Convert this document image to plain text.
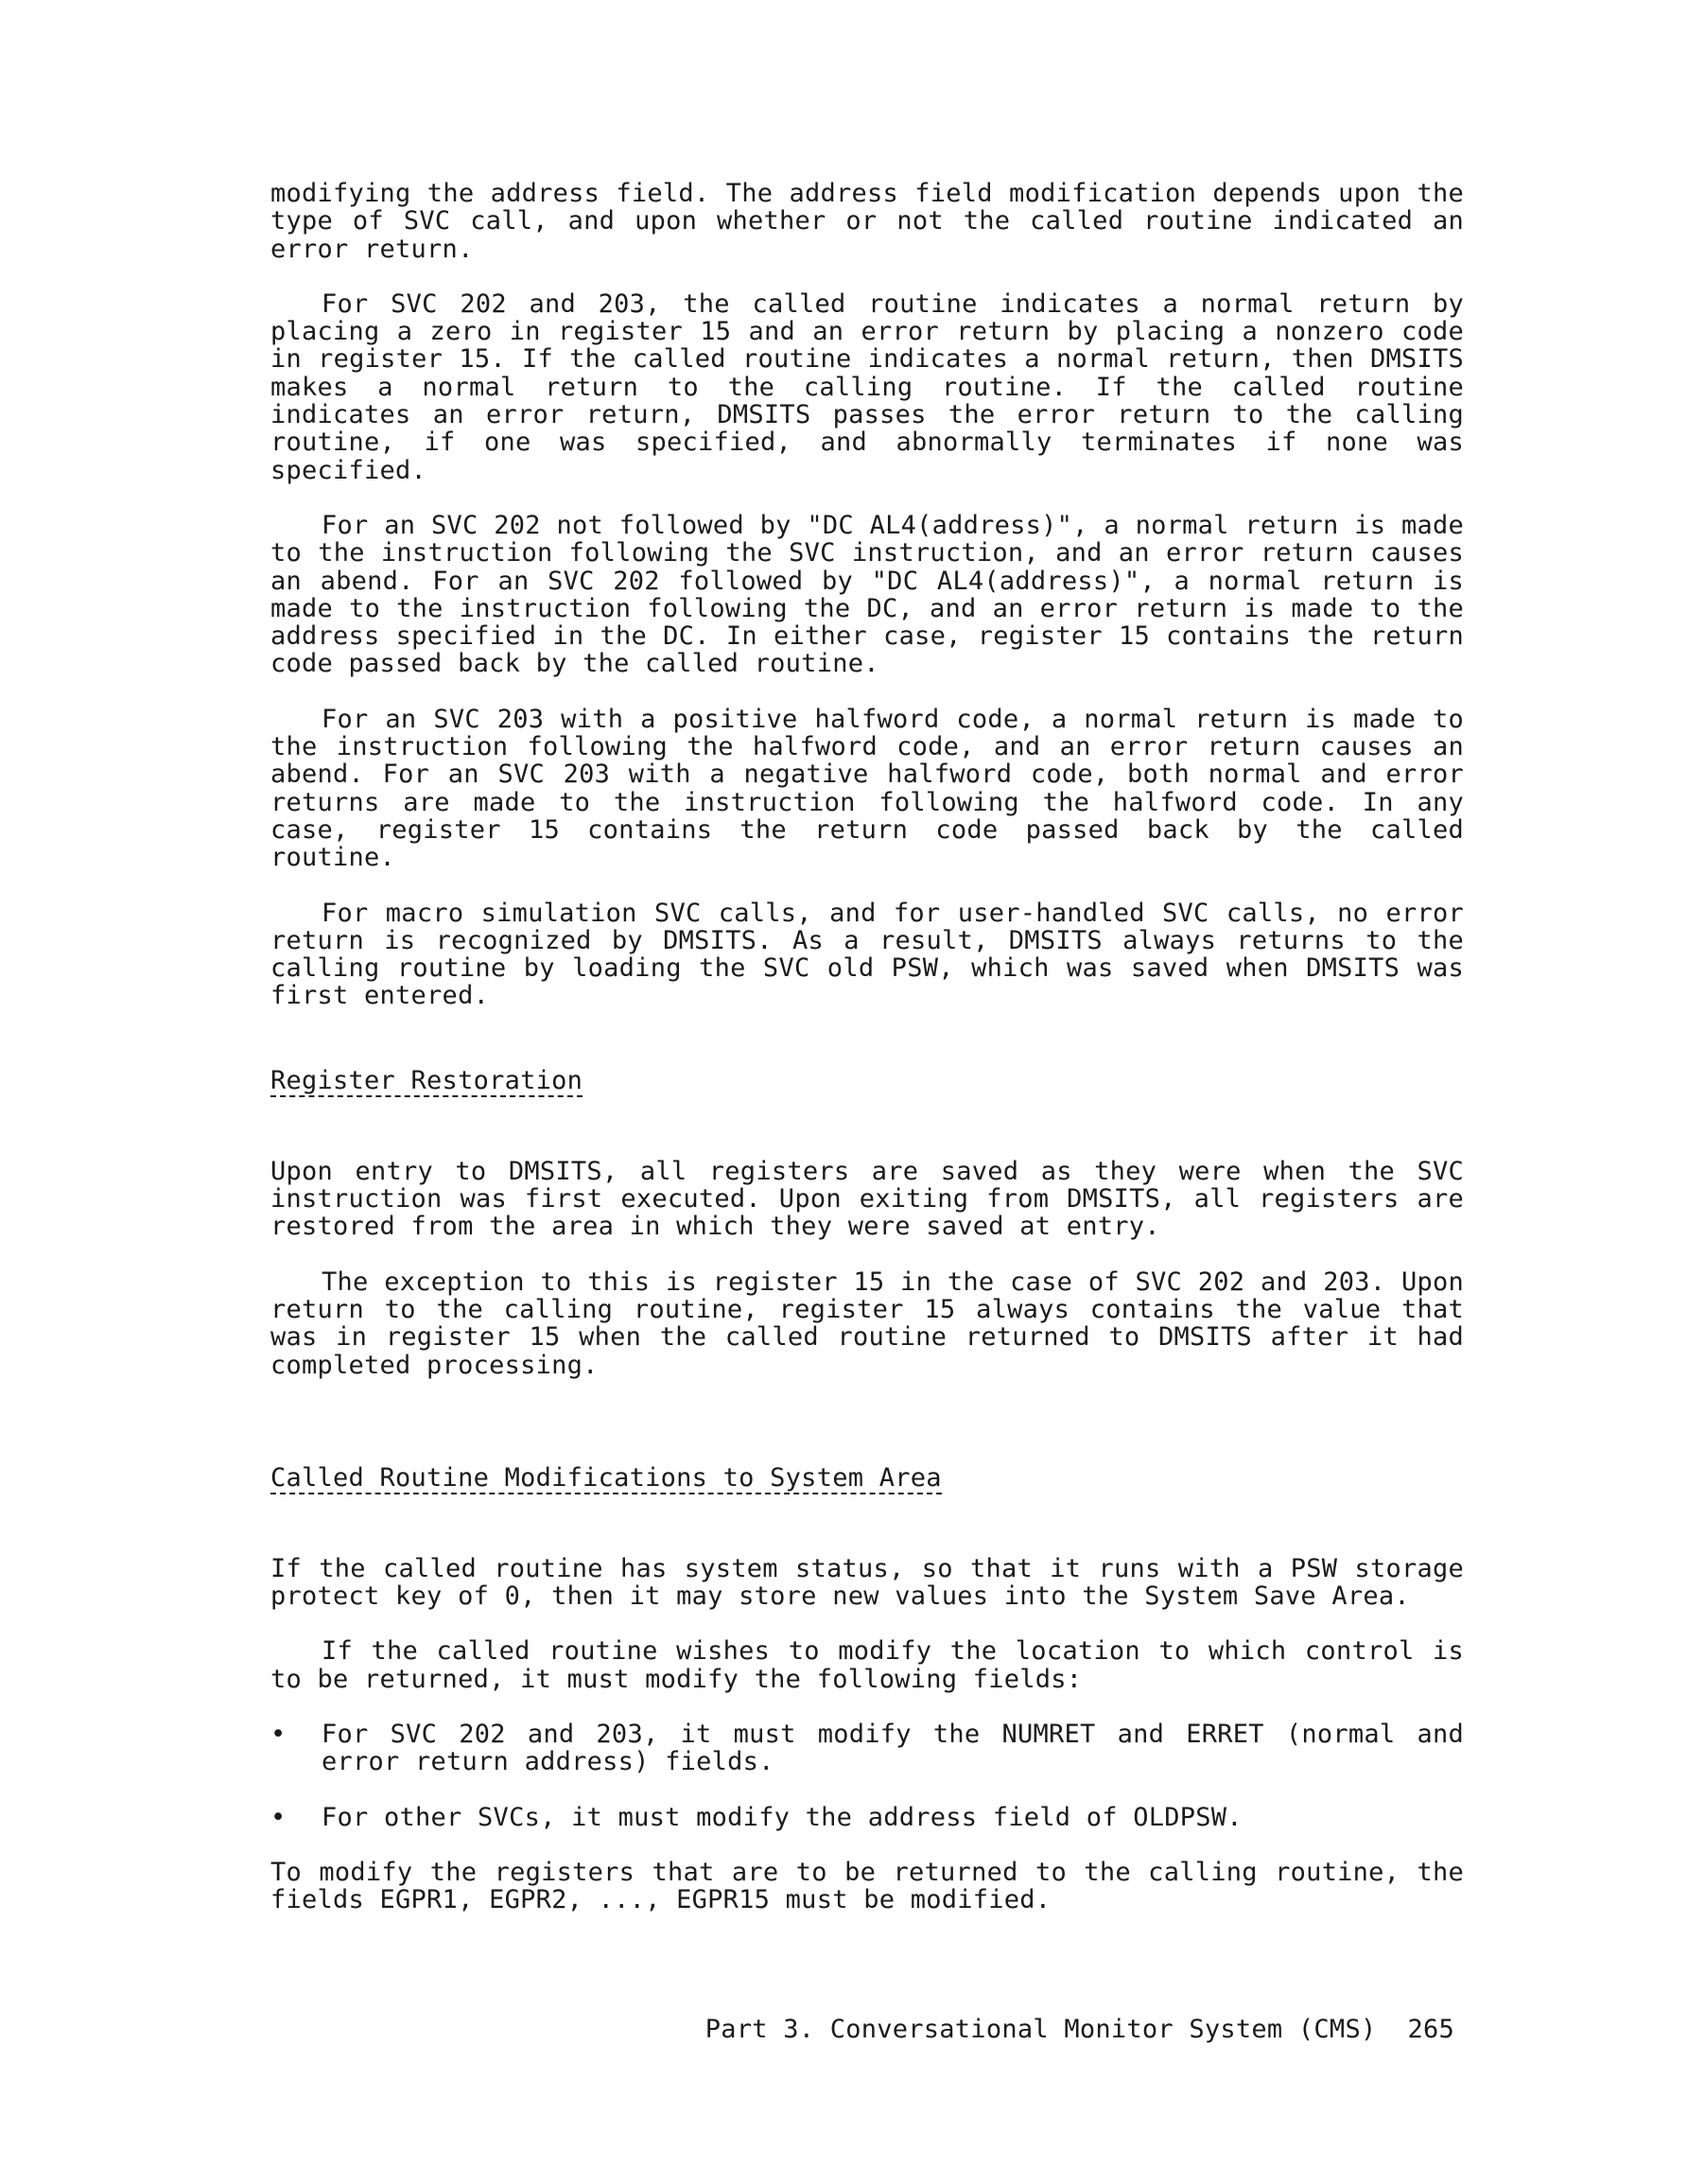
modifying the address field. The address field modification depends upon the type of SVC call, and upon whether or not the called routine indicated an error return.

For SVC 202 and 203, the called routine indicates a normal return by placing a zero in register 15 and an error return by placing a nonzero code in register 15. If the called routine indicates a normal return, then DMSITS makes a normal return to the calling routine. If the called routine indicates an error return, DMSITS passes the error return to the calling routine, if one was specified, and abnormally terminates if none was specified.

For an SVC 202 not followed by "DC AL4(address)", a normal return is made to the instruction following the SVC instruction, and an error return causes an abend. For an SVC 202 followed by "DC AL4(address)", a normal return is made to the instruction following the DC, and an error return is made to the address specified in the DC. In either case, register 15 contains the return code passed back by the called routine.

For an SVC 203 with a positive halfword code, a normal return is made to the instruction following the halfword code, and an error return causes an abend. For an SVC 203 with a negative halfword code, both normal and error returns are made to the instruction following the halfword code. In any case, register 15 contains the return code passed back by the called routine.

For macro simulation SVC calls, and for user-handled SVC calls, no error return is recognized by DMSITS. As a result, DMSITS always returns to the calling routine by loading the SVC old PSW, which was saved when DMSITS was first entered.

Register Restoration

Upon entry to DMSITS, all registers are saved as they were when the SVC instruction was first executed. Upon exiting from DMSITS, all registers are restored from the area in which they were saved at entry.

The exception to this is register 15 in the case of SVC 202 and 203. Upon return to the calling routine, register 15 always contains the value that was in register 15 when the called routine returned to DMSITS after it had completed processing.

Called Routine Modifications to System Area

If the called routine has system status, so that it runs with a PSW storage protect key of 0, then it may store new values into the System Save Area.

If the called routine wishes to modify the location to which control is to be returned, it must modify the following fields:

•	For SVC 202 and 203, it must modify the NUMRET and ERRET (normal and error return address) fields.
•	For other SVCs, it must modify the address field of OLDPSW.

To modify the registers that are to be returned to the calling routine, the fields EGPR1, EGPR2, ..., EGPR15 must be modified.

Part 3. Conversational Monitor System (CMS) 265
